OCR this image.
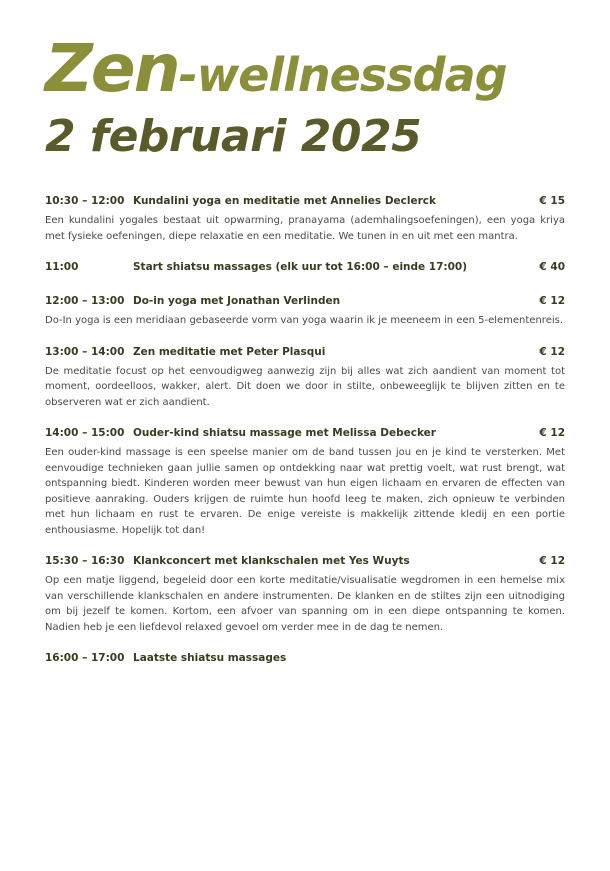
Zen-wellnessdag
2 februari 2025
10:30 – 12:00 Kundalini yoga en meditatie met Annelies Declerck	€ 15
Een kundalini yogales bestaat uit opwarming, pranayama (ademhalingsoefeningen), een yoga kriya met fysieke oefeningen, diepe relaxatie en een meditatie. We tunen in en uit met een mantra.
11:00	Start shiatsu massages (elk uur tot 16:00 – einde 17:00)	€ 40
12:00 – 13:00 Do-in yoga met Jonathan Verlinden	€ 12
Do-In yoga is een meridiaan gebaseerde vorm van yoga waarin ik je meeneem in een 5-elementenreis.
13:00 – 14:00 Zen meditatie met Peter Plasqui	€ 12
De meditatie focust op het eenvoudigweg aanwezig zijn bij alles wat zich aandient van moment tot moment, oordeelloos, wakker, alert. Dit doen we door in stilte, onbeweeglijk te blijven zitten en te observeren wat er zich aandient.
14:00 – 15:00 Ouder-kind shiatsu massage met Melissa Debecker	€ 12
Een ouder-kind massage is een speelse manier om de band tussen jou en je kind te versterken. Met eenvoudige technieken gaan jullie samen op ontdekking naar wat prettig voelt, wat rust brengt, wat ontspanning biedt. Kinderen worden meer bewust van hun eigen lichaam en ervaren de effecten van positieve aanraking. Ouders krijgen de ruimte hun hoofd leeg te maken, zich opnieuw te verbinden met hun lichaam en rust te ervaren. De enige vereiste is makkelijk zittende kledij en een portie enthousiasme. Hopelijk tot dan!
15:30 – 16:30 Klankconcert met klankschalen met Yes Wuyts	€ 12
Op een matje liggend, begeleid door een korte meditatie/visualisatie wegdromen in een hemelse mix van verschillende klankschalen en andere instrumenten. De klanken en de stiltes zijn een uitnodiging om bij jezelf te komen. Kortom, een afvoer van spanning om in een diepe ontspanning te komen. Nadien heb je een liefdevol relaxed gevoel om verder mee in de dag te nemen.
16:00 – 17:00 Laatste shiatsu massages
